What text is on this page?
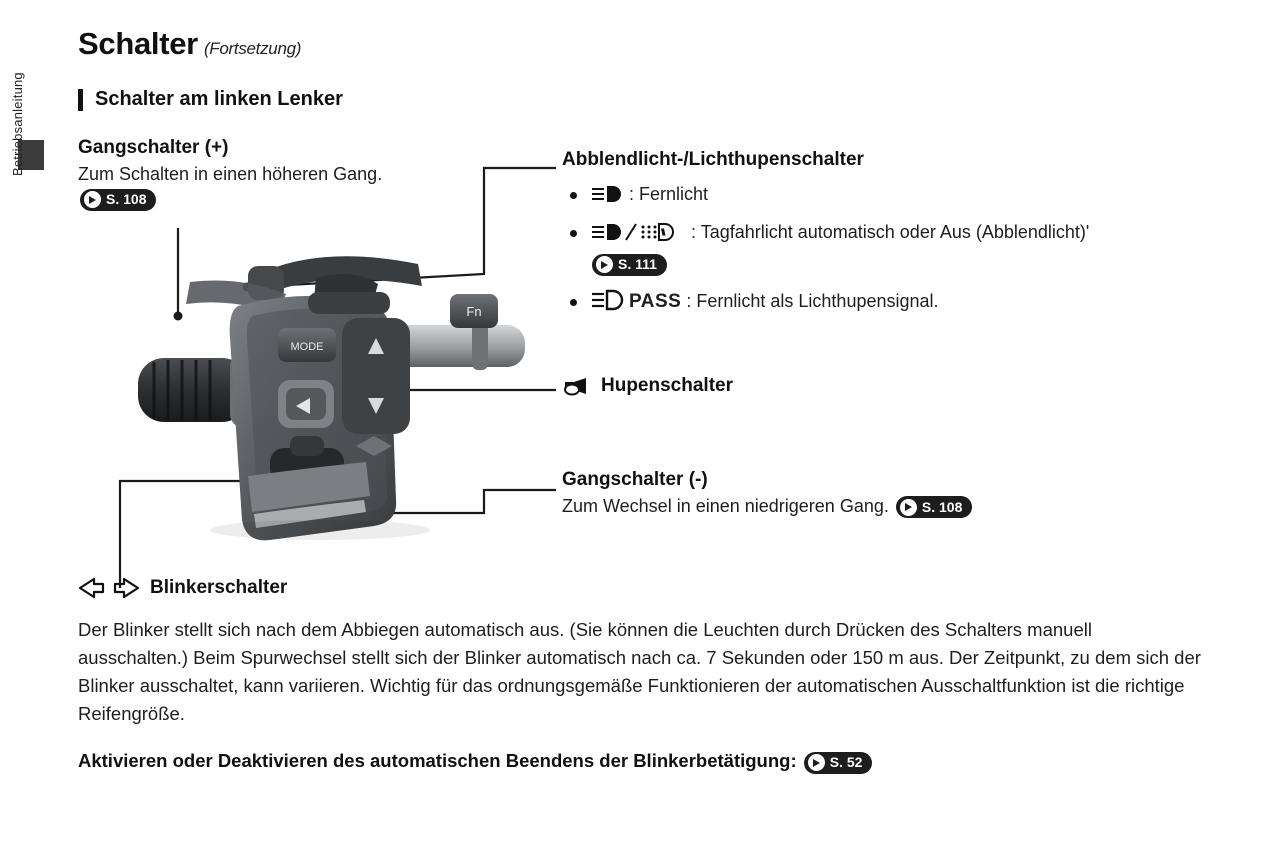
Betriebsanleitung
Schalter (Fortsetzung)
Schalter am linken Lenker
Fn
MODE
Gangschalter (+)
Zum Schalten in einen höheren Gang.
S. 108
Abblendlicht-/Lichthupenschalter
: Fernlicht
: Tagfahrlicht automatisch oder Aus (Abblendlicht)'
S. 111
PASS : Fernlicht als Lichthupensignal.
Hupenschalter
Gangschalter (-)
Zum Wechsel in einen niedrigeren Gang. S. 108
Blinkerschalter
Der Blinker stellt sich nach dem Abbiegen automatisch aus. (Sie können die Leuchten durch Drücken des Schalters manuell ausschalten.) Beim Spurwechsel stellt sich der Blinker automatisch nach ca. 7 Sekunden oder 150 m aus. Der Zeitpunkt, zu dem sich der Blinker ausschaltet, kann variieren. Wichtig für das ordnungsgemäße Funktionieren der automatischen Ausschaltfunktion ist die richtige Reifengröße.
Aktivieren oder Deaktivieren des automatischen Beendens der Blinkerbetätigung: S. 52
